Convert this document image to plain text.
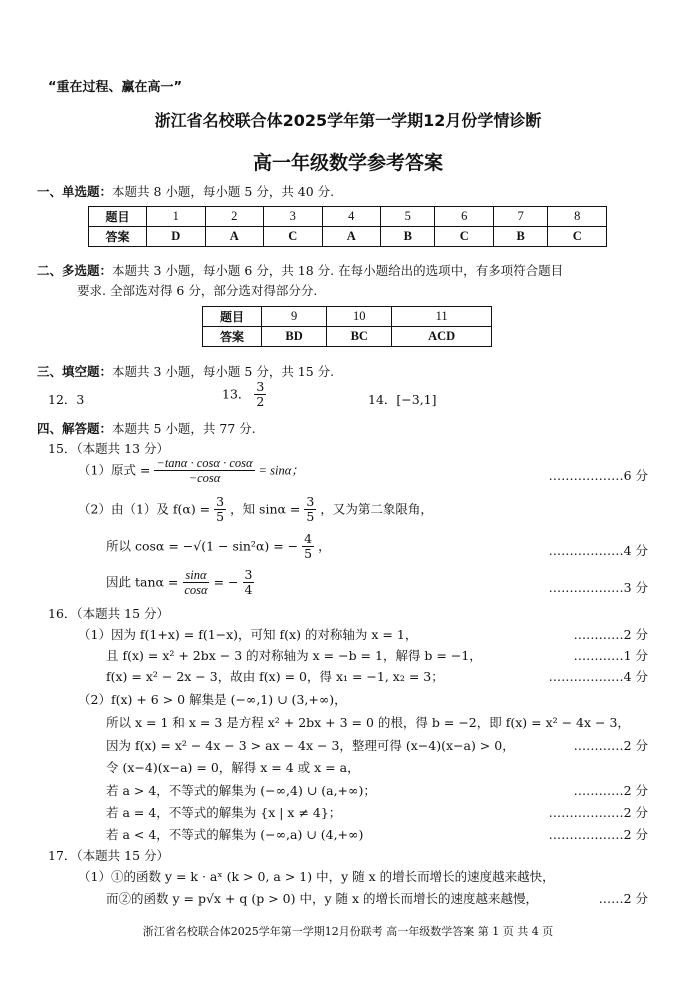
“重在过程、赢在高一”
浙江省名校联合体2025学年第一学期12月份学情诊断
高一年级数学参考答案
一、单选题：本题共 8 小题，每小题 5 分，共 40 分.
题目	1	2	3	4	5	6	7	8
答案	D	A	C	A	B	C	B	C
二、多选题：本题共 3 小题，每小题 6 分，共 18 分. 在每小题给出的选项中，有多项符合题目
要求. 全部选对得 6 分，部分选对得部分分.
题目	9	10	11
答案	BD	BC	ACD
三、填空题：本题共 3 小题，每小题 5 分，共 15 分.
12．3	13． $\frac{3}{2}$	14．[−3,1]
四、解答题：本题共 5 小题，共 77 分.
15．（本题共 13 分）
（1）原式 = $\frac{-\tan\alpha \cdot \cos\alpha \cdot \cos\alpha}{-\cos\alpha} = \sin\alpha$；	………………6 分
（2）由（1）及 $f(\alpha) = \frac{3}{5}$ ，知 $\sin\alpha = \frac{3}{5}$ ，又为第二象限角，
所以 cosα = −√(1 − sin²α) = − $\frac{4}{5}$ ，	………………4 分
因此 $\tan\alpha = \frac{\sin\alpha}{\cos\alpha}$ = − $\frac{3}{4}$	………………3 分
16．（本题共 15 分）
（1）因为 f(1+x) = f(1−x)，可知 f(x) 的对称轴为 x = 1，	…………2 分
且 f(x) = x² + 2bx − 3 的对称轴为 x = −b = 1，解得 b = −1，	…………1 分
f(x) = x² − 2x − 3，故由 f(x) = 0，得 x₁ = −1, x₂ = 3；	………………4 分
（2）f(x) + 6 > 0 解集是 (−∞,1) ∪ (3,+∞)，
所以 x = 1 和 x = 3 是方程 x² + 2bx + 3 = 0 的根，得 b = −2，即 f(x) = x² − 4x − 3，
因为 f(x) = x² − 4x − 3 > ax − 4x − 3，整理可得 (x−4)(x−a) > 0，	…………2 分
令 (x−4)(x−a) = 0，解得 x = 4 或 x = a，
若 a > 4，不等式的解集为 (−∞,4) ∪ (a,+∞)；	…………2 分
若 a = 4，不等式的解集为 {x | x ≠ 4}；	………………2 分
若 a < 4，不等式的解集为 (−∞,a) ∪ (4,+∞)	………………2 分
17．（本题共 15 分）
（1）①的函数 y = k · aˣ (k > 0, a > 1) 中，y 随 x 的增长而增长的速度越来越快，
而②的函数 y = p√x + q (p > 0) 中，y 随 x 的增长而增长的速度越来越慢，	……2 分
浙江省名校联合体2025学年第一学期12月份联考 高一年级数学答案 第 1 页 共 4 页
